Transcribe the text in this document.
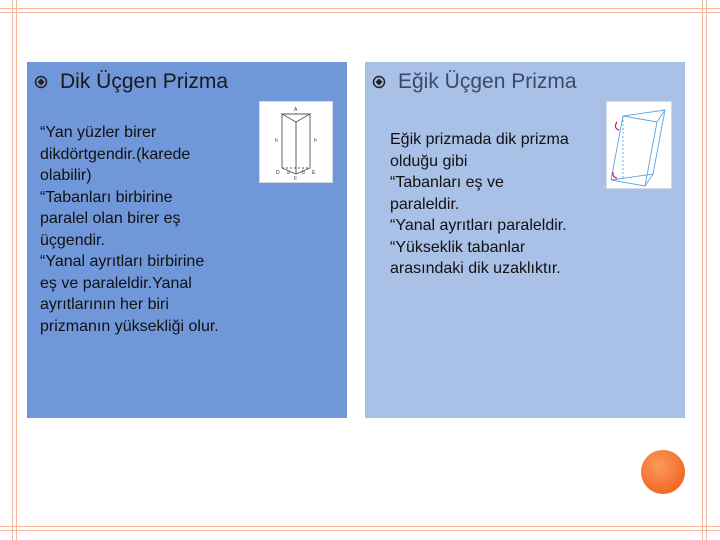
Dik Üçgen Prizma	Eğik Üçgen Prizma

“Yan yüzler birer

dikdörtgendir.(karede

olabilir)

“Tabanları birbirine

paralel olan birer eş

üçgendir.

“Yanal ayrıtları birbirine

eş ve paraleldir.Yanal

ayrıtlarının her biri

prizmanın yüksekliği olur.

Eğik prizmada dik prizma

olduğu gibi

“Tabanları eş ve

paraleldir.

“Yanal ayrıtları paraleldir.

“Yükseklik tabanlar

arasındaki dik uzaklıktır.

A
h	h
D	E
F
a b
